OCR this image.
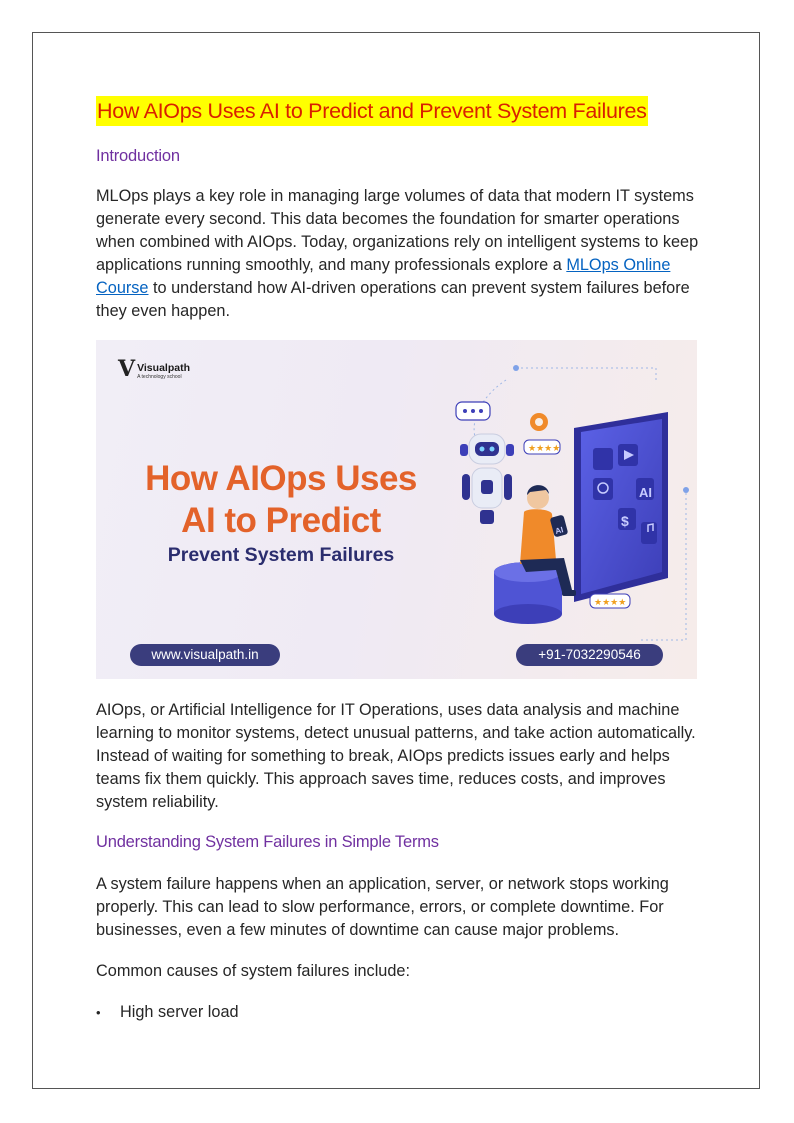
How AIOps Uses AI to Predict and Prevent System Failures
Introduction

MLOps plays a key role in managing large volumes of data that modern IT systems generate every second. This data becomes the foundation for smarter operations when combined with AIOps. Today, organizations rely on intelligent systems to keep applications running smoothly, and many professionals explore a MLOps Online Course to understand how AI-driven operations can prevent system failures before they even happen.

AI
$
★★★★
AI
★★★★
V Visualpath
A technology school
How AIOps Uses
AI to Predict
Prevent System Failures
www.visualpath.in	+91-7032290546

AIOps, or Artificial Intelligence for IT Operations, uses data analysis and machine learning to monitor systems, detect unusual patterns, and take action automatically. Instead of waiting for something to break, AIOps predicts issues early and helps teams fix them quickly. This approach saves time, reduces costs, and improves system reliability.

Understanding System Failures in Simple Terms

A system failure happens when an application, server, or network stops working properly. This can lead to slow performance, errors, or complete downtime. For businesses, even a few minutes of downtime can cause major problems.

Common causes of system failures include:

• High server load
